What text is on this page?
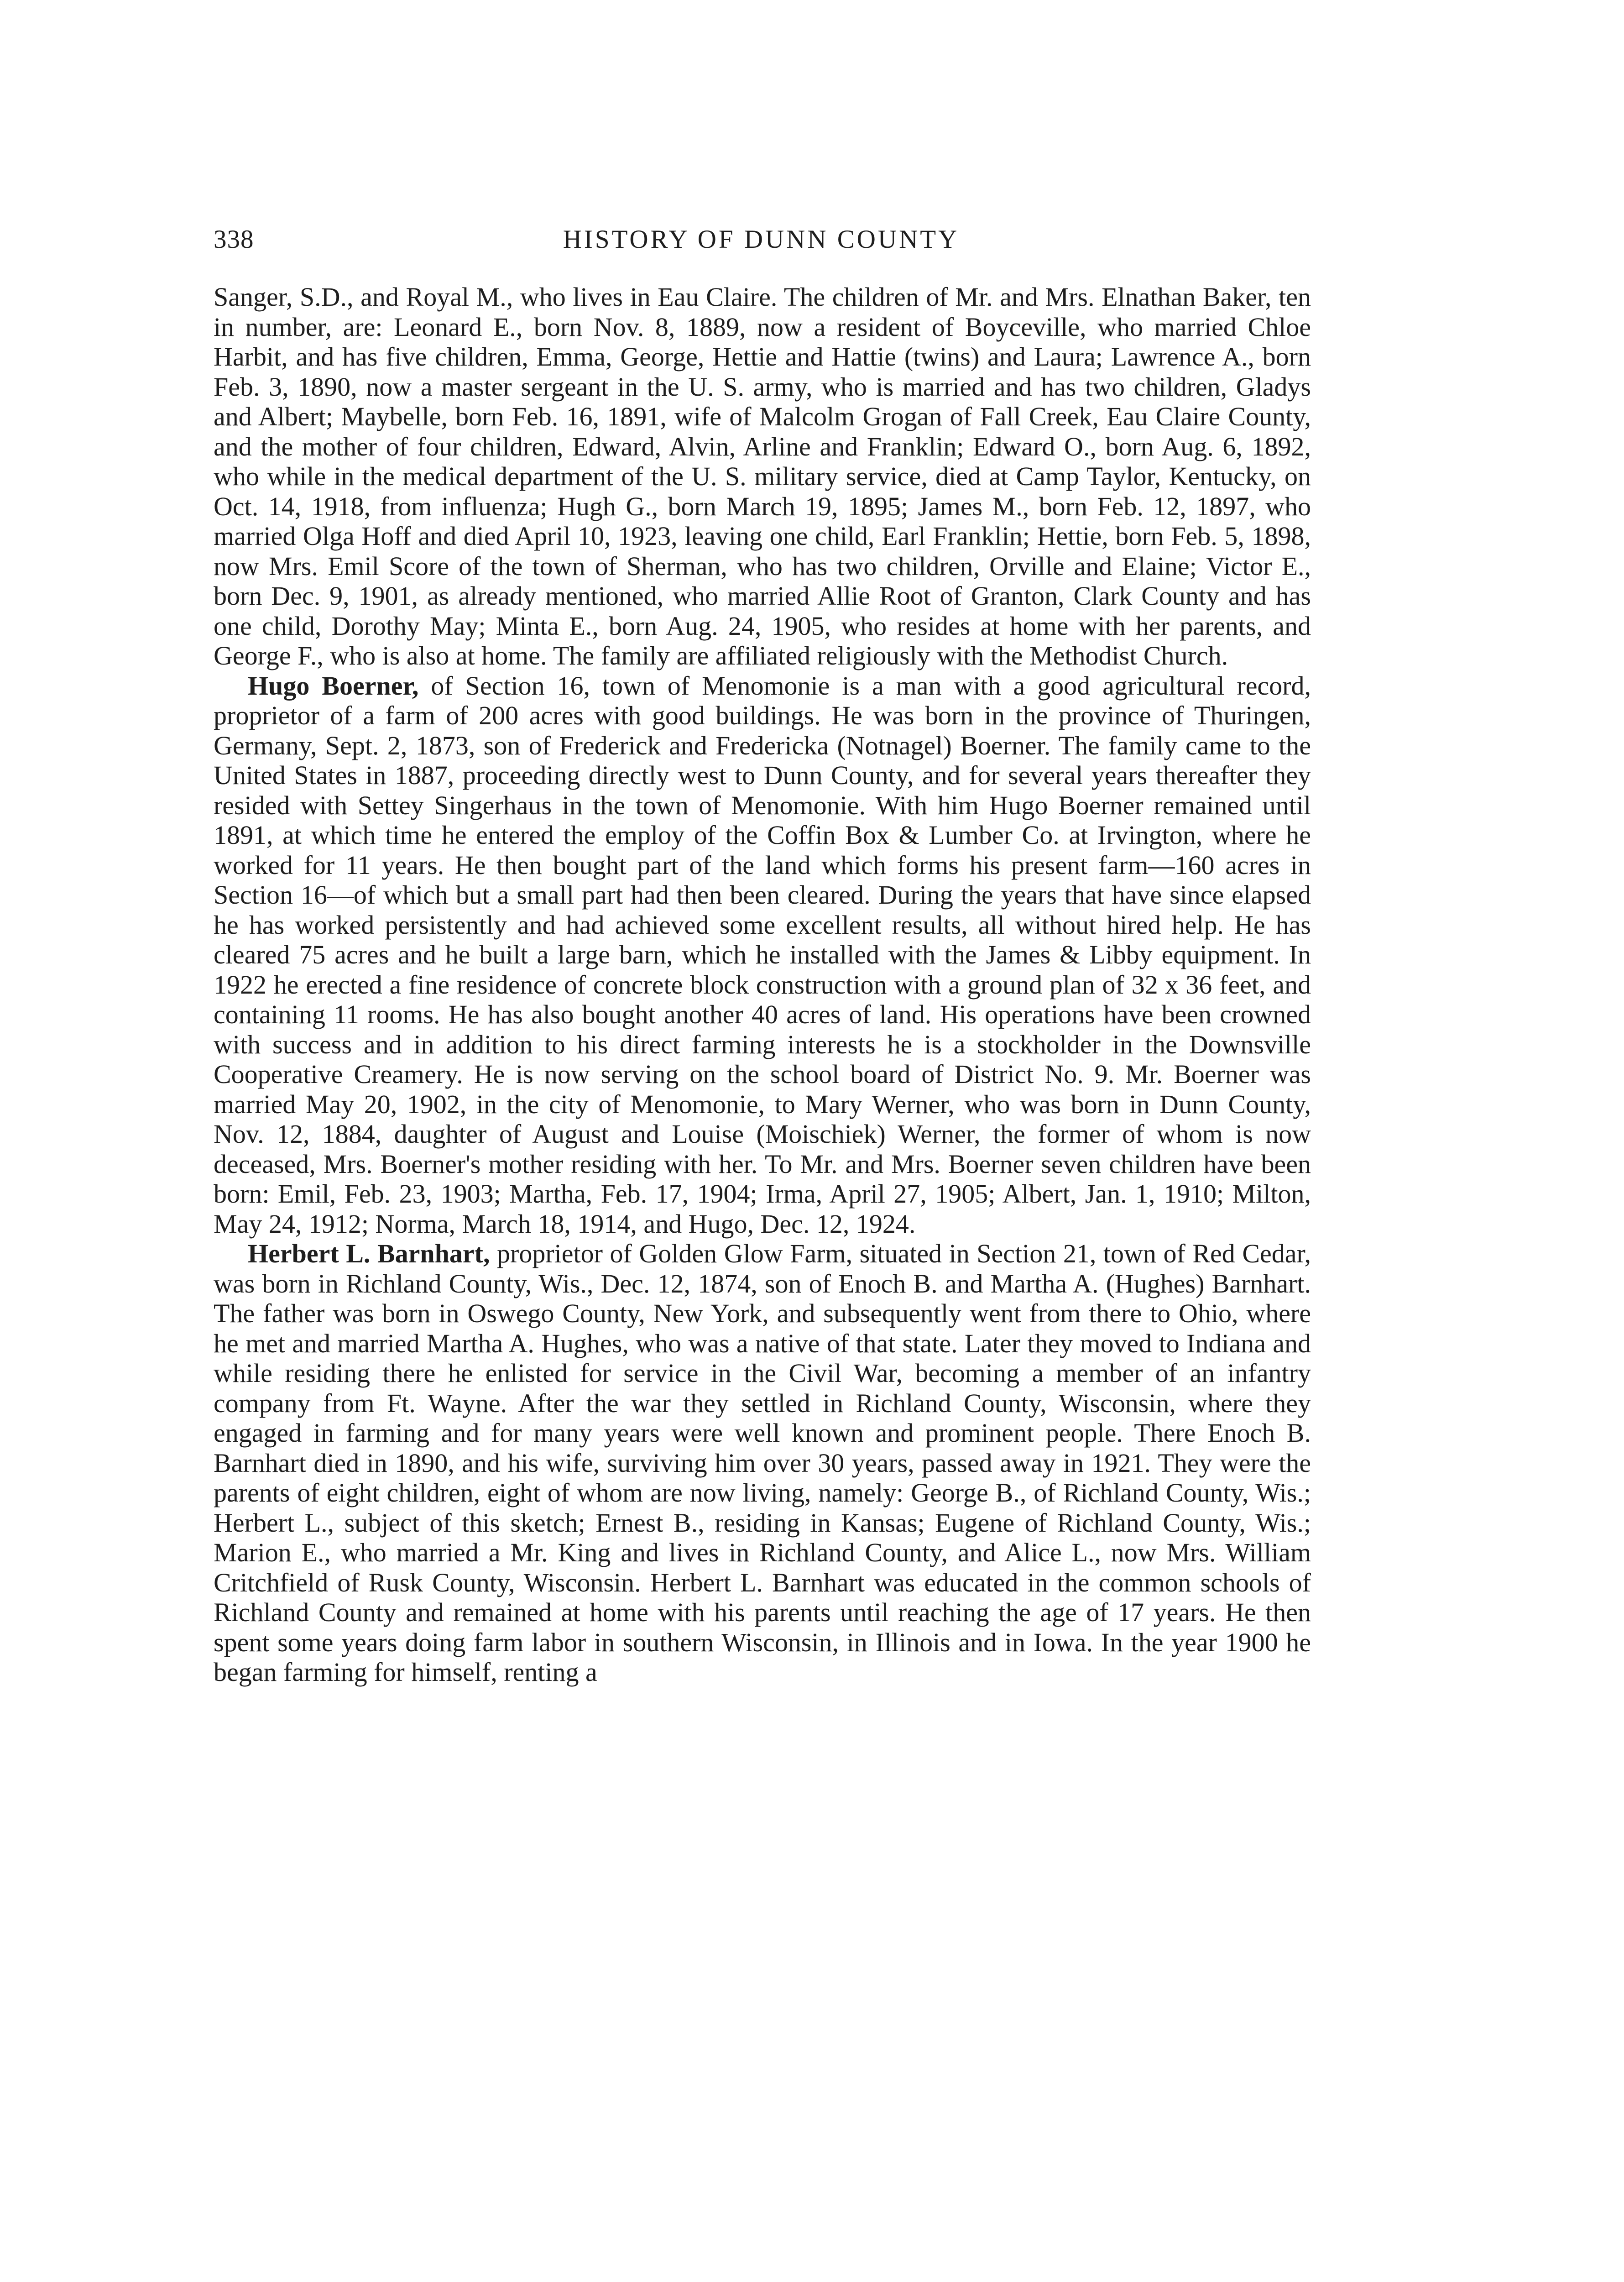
338	HISTORY OF DUNN COUNTY

Sanger, S.D., and Royal M., who lives in Eau Claire. The children of Mr. and Mrs. Elnathan Baker, ten in number, are: Leonard E., born Nov. 8, 1889, now a resident of Boyceville, who married Chloe Harbit, and has five children, Emma, George, Hettie and Hattie (twins) and Laura; Lawrence A., born Feb. 3, 1890, now a master sergeant in the U. S. army, who is married and has two children, Gladys and Albert; Maybelle, born Feb. 16, 1891, wife of Malcolm Grogan of Fall Creek, Eau Claire County, and the mother of four children, Edward, Alvin, Arline and Franklin; Edward O., born Aug. 6, 1892, who while in the medical department of the U. S. military service, died at Camp Taylor, Kentucky, on Oct. 14, 1918, from influenza; Hugh G., born March 19, 1895; James M., born Feb. 12, 1897, who married Olga Hoff and died April 10, 1923, leaving one child, Earl Franklin; Hettie, born Feb. 5, 1898, now Mrs. Emil Score of the town of Sherman, who has two children, Orville and Elaine; Victor E., born Dec. 9, 1901, as already mentioned, who married Allie Root of Granton, Clark County and has one child, Dorothy May; Minta E., born Aug. 24, 1905, who resides at home with her parents, and George F., who is also at home. The family are affiliated religiously with the Methodist Church.

Hugo Boerner, of Section 16, town of Menomonie is a man with a good agricultural record, proprietor of a farm of 200 acres with good buildings. He was born in the province of Thuringen, Germany, Sept. 2, 1873, son of Frederick and Fredericka (Notnagel) Boerner. The family came to the United States in 1887, proceeding directly west to Dunn County, and for several years thereafter they resided with Settey Singerhaus in the town of Menomonie. With him Hugo Boerner remained until 1891, at which time he entered the employ of the Coffin Box & Lumber Co. at Irvington, where he worked for 11 years. He then bought part of the land which forms his present farm—160 acres in Section 16—of which but a small part had then been cleared. During the years that have since elapsed he has worked persistently and had achieved some excellent results, all without hired help. He has cleared 75 acres and he built a large barn, which he installed with the James & Libby equipment. In 1922 he erected a fine residence of concrete block construction with a ground plan of 32 x 36 feet, and containing 11 rooms. He has also bought another 40 acres of land. His operations have been crowned with success and in addition to his direct farming interests he is a stockholder in the Downsville Cooperative Creamery. He is now serving on the school board of District No. 9. Mr. Boerner was married May 20, 1902, in the city of Menomonie, to Mary Werner, who was born in Dunn County, Nov. 12, 1884, daughter of August and Louise (Moischiek) Werner, the former of whom is now deceased, Mrs. Boerner's mother residing with her. To Mr. and Mrs. Boerner seven children have been born: Emil, Feb. 23, 1903; Martha, Feb. 17, 1904; Irma, April 27, 1905; Albert, Jan. 1, 1910; Milton, May 24, 1912; Norma, March 18, 1914, and Hugo, Dec. 12, 1924.

Herbert L. Barnhart, proprietor of Golden Glow Farm, situated in Section 21, town of Red Cedar, was born in Richland County, Wis., Dec. 12, 1874, son of Enoch B. and Martha A. (Hughes) Barnhart. The father was born in Oswego County, New York, and subsequently went from there to Ohio, where he met and married Martha A. Hughes, who was a native of that state. Later they moved to Indiana and while residing there he enlisted for service in the Civil War, becoming a member of an infantry company from Ft. Wayne. After the war they settled in Richland County, Wisconsin, where they engaged in farming and for many years were well known and prominent people. There Enoch B. Barnhart died in 1890, and his wife, surviving him over 30 years, passed away in 1921. They were the parents of eight children, eight of whom are now living, namely: George B., of Richland County, Wis.; Herbert L., subject of this sketch; Ernest B., residing in Kansas; Eugene of Richland County, Wis.; Marion E., who married a Mr. King and lives in Richland County, and Alice L., now Mrs. William Critchfield of Rusk County, Wisconsin. Herbert L. Barnhart was educated in the common schools of Richland County and remained at home with his parents until reaching the age of 17 years. He then spent some years doing farm labor in southern Wisconsin, in Illinois and in Iowa. In the year 1900 he began farming for himself, renting a
